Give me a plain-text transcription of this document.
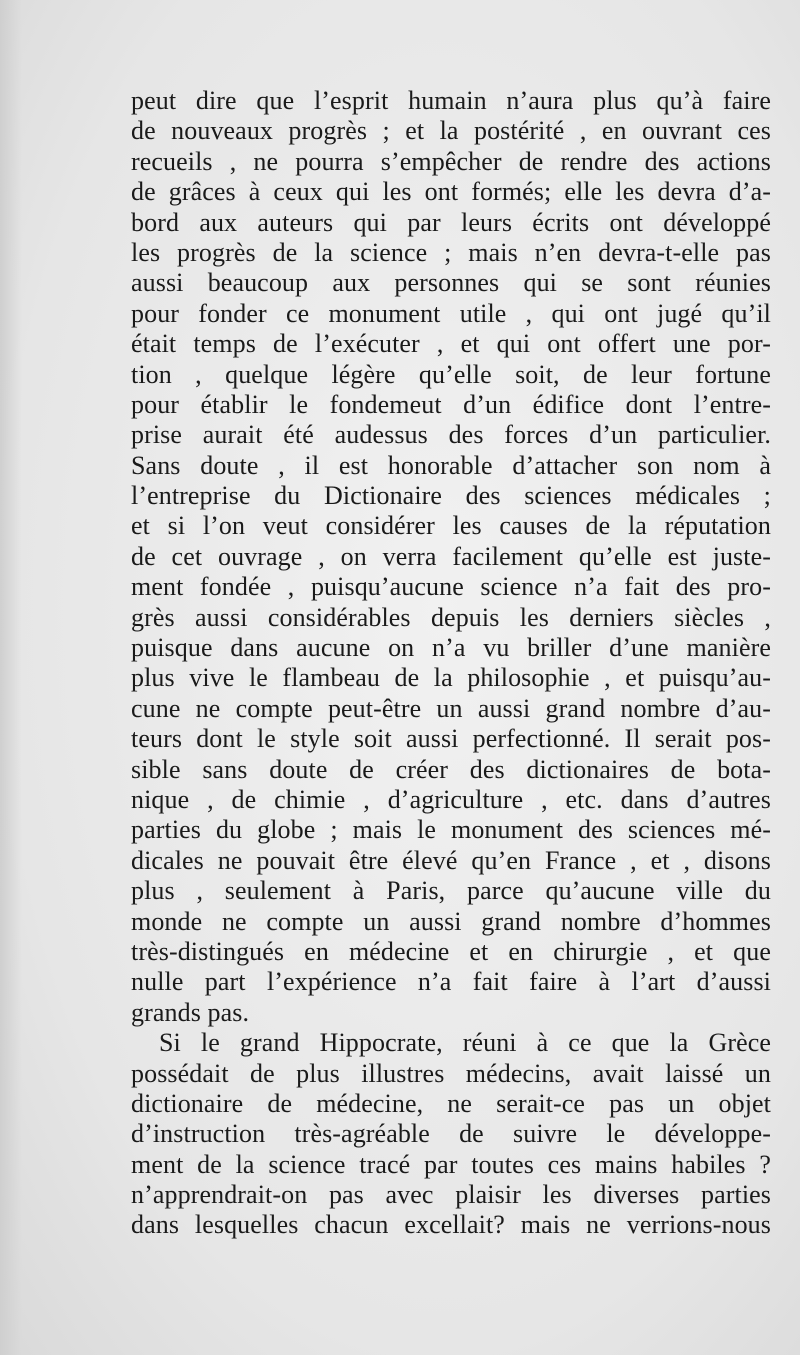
peut dire que l’esprit humain n’aura plus qu’à faire
de nouveaux progrès ; et la postérité , en ouvrant ces
recueils , ne pourra s’empêcher de rendre des actions
de grâces à ceux qui les ont formés; elle les devra d’a-
bord aux auteurs qui par leurs écrits ont développé
les progrès de la science ; mais n’en devra-t-elle pas
aussi beaucoup aux personnes qui se sont réunies
pour fonder ce monument utile , qui ont jugé qu’il
était temps de l’exécuter , et qui ont offert une por-
tion , quelque légère qu’elle soit, de leur fortune
pour établir le fondemeut d’un édifice dont l’entre-
prise aurait été audessus des forces d’un particulier.
Sans doute , il est honorable d’attacher son nom à
l’entreprise du Dictionaire des sciences médicales ;
et si l’on veut considérer les causes de la réputation
de cet ouvrage , on verra facilement qu’elle est juste-
ment fondée , puisqu’aucune science n’a fait des pro-
grès aussi considérables depuis les derniers siècles ,
puisque dans aucune on n’a vu briller d’une manière
plus vive le flambeau de la philosophie , et puisqu’au-
cune ne compte peut-être un aussi grand nombre d’au-
teurs dont le style soit aussi perfectionné. Il serait pos-
sible sans doute de créer des dictionaires de bota-
nique , de chimie , d’agriculture , etc. dans d’autres
parties du globe ; mais le monument des sciences mé-
dicales ne pouvait être élevé qu’en France , et , disons
plus , seulement à Paris, parce qu’aucune ville du
monde ne compte un aussi grand nombre d’hommes
très-distingués en médecine et en chirurgie , et que
nulle part l’expérience n’a fait faire à l’art d’aussi
grands pas.
Si le grand Hippocrate, réuni à ce que la Grèce
possédait de plus illustres médecins, avait laissé un
dictionaire de médecine, ne serait-ce pas un objet
d’instruction très-agréable de suivre le développe-
ment de la science tracé par toutes ces mains habiles ?
n’apprendrait-on pas avec plaisir les diverses parties
dans lesquelles chacun excellait? mais ne verrions-nous
